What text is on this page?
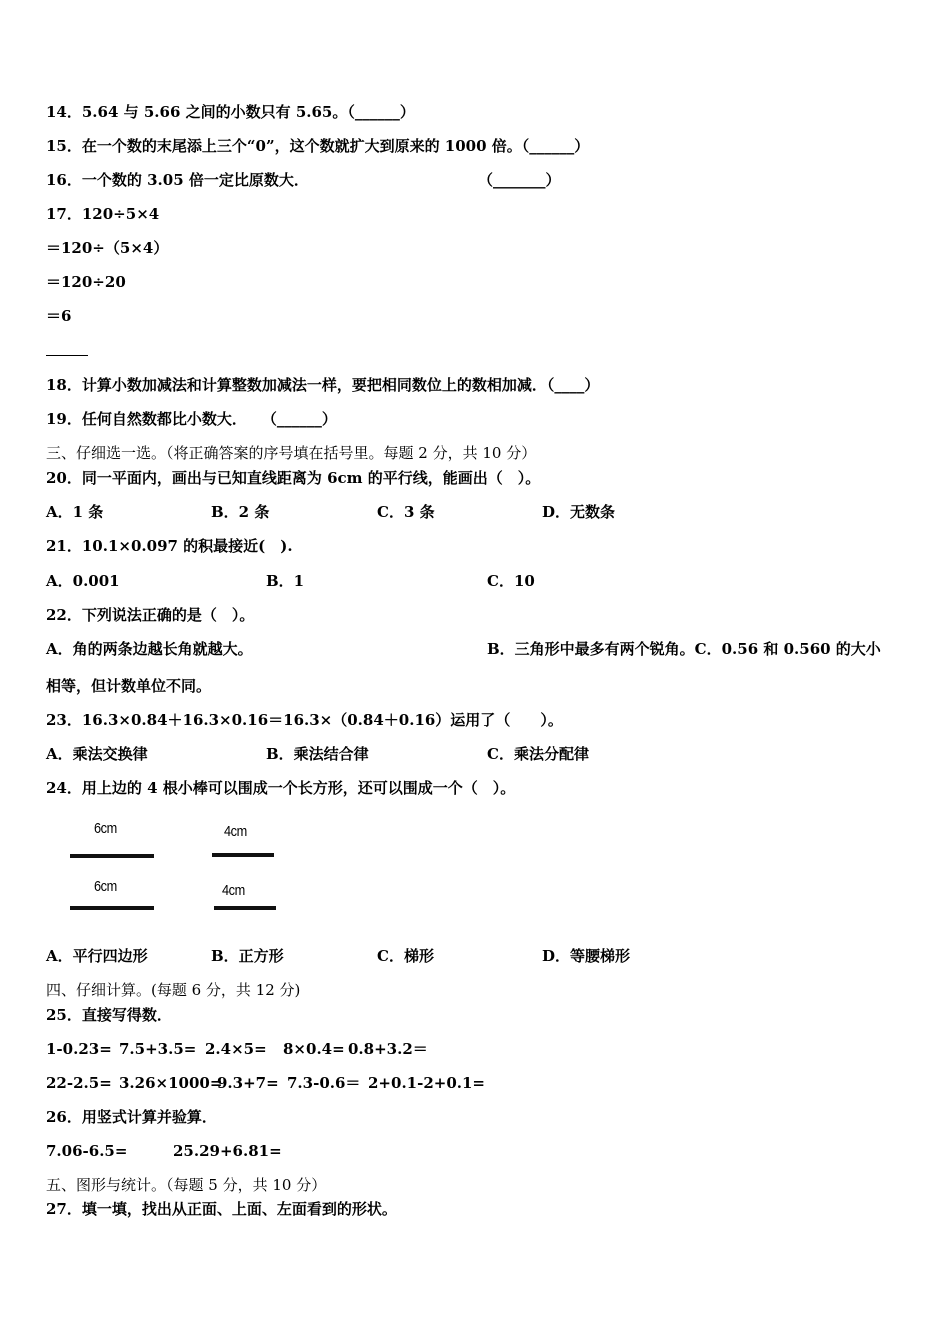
14．5.64 与 5.66 之间的小数只有 5.65。（______）
15．在一个数的末尾添上三个“0”，这个数就扩大到原来的 1000 倍。（______）
16．一个数的 3.05 倍一定比原数大．	（_______）
17．120÷5×4
＝120÷（5×4）
＝120÷20
＝6
18．计算小数加减法和计算整数加减法一样，要把相同数位上的数相加减．（____）
19．任何自然数都比小数大．　　（______）
三、仔细选一选。（将正确答案的序号填在括号里。每题 2 分，共 10 分）
20．同一平面内，画出与已知直线距离为 6cm 的平行线，能画出（　）。
A．1 条	B．2 条	C．3 条	D．无数条
21．10.1×0.097 的积最接近(　).
A．0.001	B．1	C．10
22．下列说法正确的是（　）。
A．角的两条边越长角就越大。	B．三角形中最多有两个锐角。C．0.56 和 0.560 的大小
相等，但计数单位不同。
23．16.3×0.84＋16.3×0.16＝16.3×（0.84＋0.16）运用了（　　）。
A．乘法交换律	B．乘法结合律	C．乘法分配律
24．用上边的 4 根小棒可以围成一个长方形，还可以围成一个（　）。
6cm	4cm
6cm	4cm
A．平行四边形	B．正方形	C．梯形	D．等腰梯形
四、仔细计算。(每题 6 分，共 12 分)
25．直接写得数．
1-0.23= 7.5+3.5= 2.4×5= 8×0.4= 0.8+3.2＝
22-2.5= 3.26×1000=
9.3+7= 7.3-0.6＝ 2+0.1-2+0.1=
26．用竖式计算并验算．
7.06-6.5=	25.29+6.81=
五、图形与统计。（每题 5 分，共 10 分）
27．填一填，找出从正面、上面、左面看到的形状。
